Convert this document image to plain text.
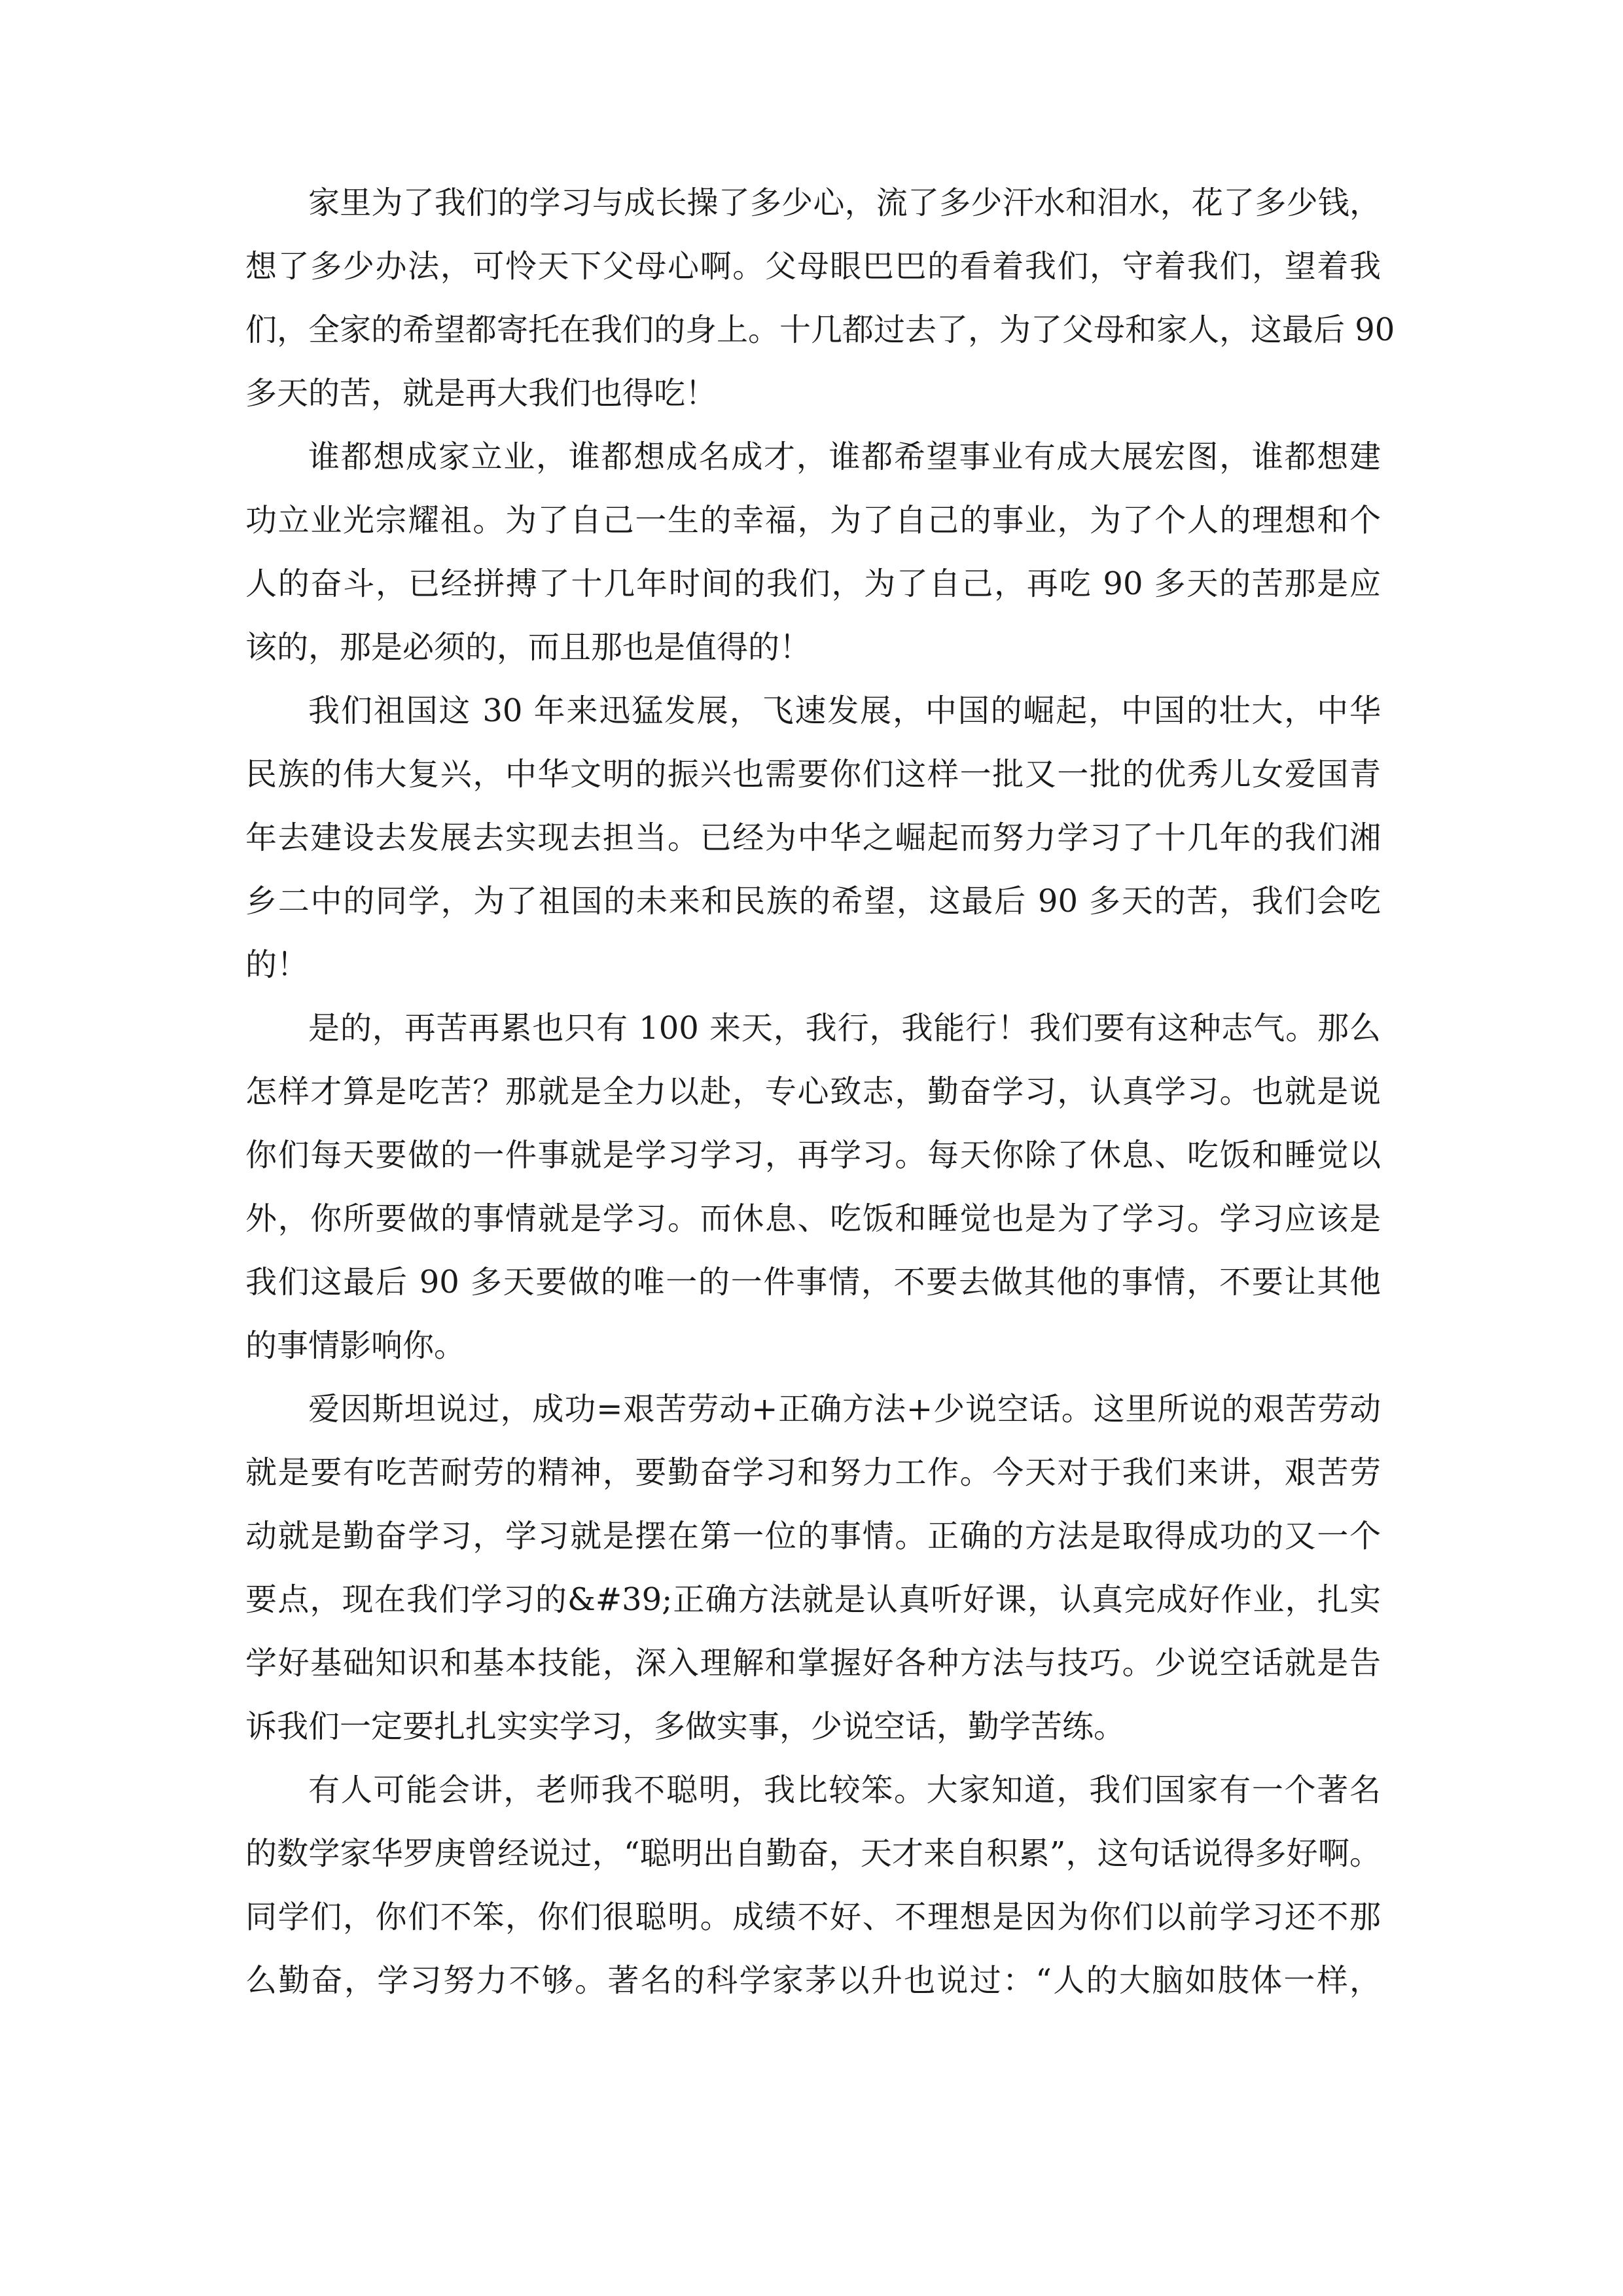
家里为了我们的学习与成长操了多少心，流了多少汗水和泪水，花了多少钱，
想了多少办法，可怜天下父母心啊。父母眼巴巴的看着我们，守着我们，望着我
们，全家的希望都寄托在我们的身上。十几都过去了，为了父母和家人，这最后 90
多天的苦，就是再大我们也得吃！
谁都想成家立业，谁都想成名成才，谁都希望事业有成大展宏图，谁都想建
功立业光宗耀祖。为了自己一生的幸福，为了自己的事业，为了个人的理想和个
人的奋斗，已经拼搏了十几年时间的我们，为了自己，再吃 90 多天的苦那是应
该的，那是必须的，而且那也是值得的！
我们祖国这 30 年来迅猛发展，飞速发展，中国的崛起，中国的壮大，中华
民族的伟大复兴，中华文明的振兴也需要你们这样一批又一批的优秀儿女爱国青
年去建设去发展去实现去担当。已经为中华之崛起而努力学习了十几年的我们湘
乡二中的同学，为了祖国的未来和民族的希望，这最后 90 多天的苦，我们会吃
的！
是的，再苦再累也只有 100 来天，我行，我能行！我们要有这种志气。那么
怎样才算是吃苦？那就是全力以赴，专心致志，勤奋学习，认真学习。也就是说
你们每天要做的一件事就是学习学习，再学习。每天你除了休息、吃饭和睡觉以
外，你所要做的事情就是学习。而休息、吃饭和睡觉也是为了学习。学习应该是
我们这最后 90 多天要做的唯一的一件事情，不要去做其他的事情，不要让其他
的事情影响你。
爱因斯坦说过，成功=艰苦劳动+正确方法+少说空话。这里所说的艰苦劳动
就是要有吃苦耐劳的精神，要勤奋学习和努力工作。今天对于我们来讲，艰苦劳
动就是勤奋学习，学习就是摆在第一位的事情。正确的方法是取得成功的又一个
要点，现在我们学习的&#39;正确方法就是认真听好课，认真完成好作业，扎实
学好基础知识和基本技能，深入理解和掌握好各种方法与技巧。少说空话就是告
诉我们一定要扎扎实实学习，多做实事，少说空话，勤学苦练。
有人可能会讲，老师我不聪明，我比较笨。大家知道，我们国家有一个著名
的数学家华罗庚曾经说过，“聪明出自勤奋，天才来自积累”，这句话说得多好啊。
同学们，你们不笨，你们很聪明。成绩不好、不理想是因为你们以前学习还不那
么勤奋，学习努力不够。著名的科学家茅以升也说过：“人的大脑如肢体一样，
